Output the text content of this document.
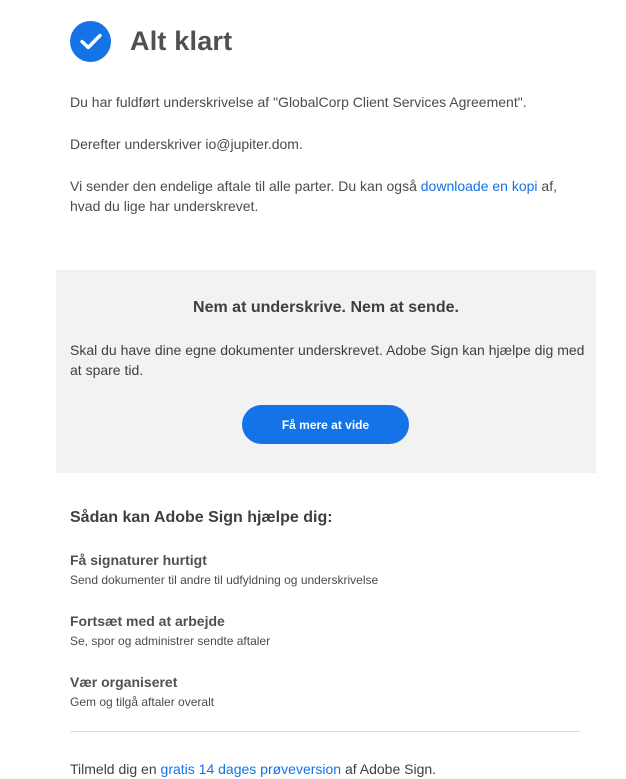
Alt klart

Du har fuldført underskrivelse af "GlobalCorp Client Services Agreement".

Derefter underskriver io@jupiter.dom.

Vi sender den endelige aftale til alle parter. Du kan også downloade en kopi af, hvad du lige har underskrevet.

Nem at underskrive. Nem at sende.
Skal du have dine egne dokumenter underskrevet. Adobe Sign kan hjælpe dig med at spare tid.
Få mere at vide
Sådan kan Adobe Sign hjælpe dig:
Få signaturer hurtigt
Send dokumenter til andre til udfyldning og underskrivelse
Fortsæt med at arbejde
Se, spor og administrer sendte aftaler
Vær organiseret
Gem og tilgå aftaler overalt
Tilmeld dig en gratis 14 dages prøveversion af Adobe Sign.
